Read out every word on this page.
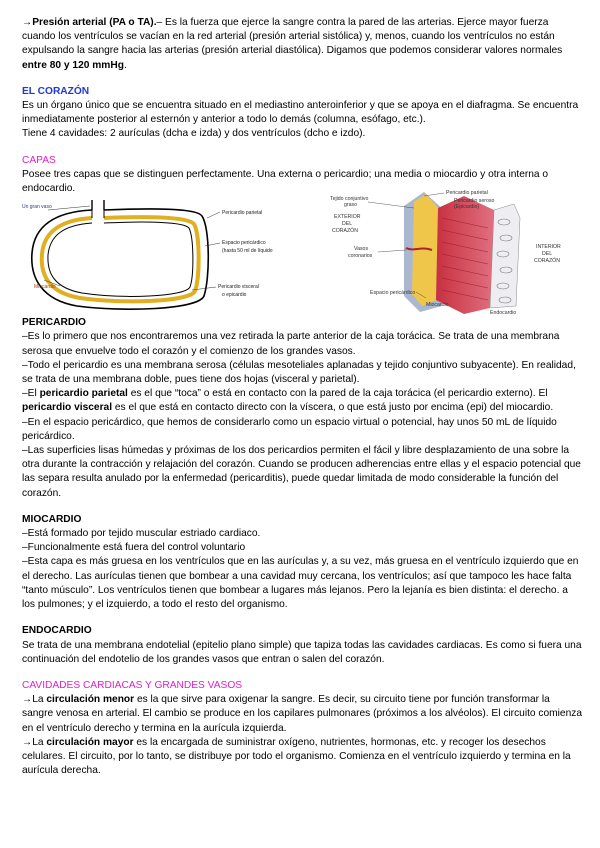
→Presión arterial (PA o TA).– Es la fuerza que ejerce la sangre contra la pared de las arterias. Ejerce mayor fuerza cuando los ventrículos se vacían en la red arterial (presión arterial sistólica) y, menos, cuando los ventrículos no están expulsando la sangre hacia las arterias (presión arterial diastólica). Digamos que podemos considerar valores normales entre 80 y 120 mmHg.

EL CORAZÓN

Es un órgano único que se encuentra situado en el mediastino anteroinferior y que se apoya en el diafragma. Se encuentra inmediatamente posterior al esternón y anterior a todo lo demás (columna, esófago, etc.).

Tiene 4 cavidades: 2 aurículas (dcha e izda) y dos ventrículos (dcho e izdo).

CAPAS

Posee tres capas que se distinguen perfectamente. Una externa o pericardio; una media o miocardio y otra interna o endocardio.

Un gran vaso
Pericardio parietal
Espacio pericárdico
(hasta 50 ml de líquido
Miocardio	Pericardio visceral
o epicardio
Tejido conjuntivo
graso
EXTERIOR
DEL
CORAZÓN
Vasos
coronarios
Pericardio parietal
Pericardio seroso
(Epicardio)
INTERIOR
DEL
CORAZÓN
Espacio pericárdico
Miocardio
Endocardio

PERICARDIO

–Es lo primero que nos encontraremos una vez retirada la parte anterior de la caja torácica. Se trata de una membrana serosa que envuelve todo el corazón y el comienzo de los grandes vasos.

–Todo el pericardio es una membrana serosa (células mesoteliales aplanadas y tejido conjuntivo subyacente). En realidad, se trata de una membrana doble, pues tiene dos hojas (visceral y parietal).

–El pericardio parietal es el que “toca” o está en contacto con la pared de la caja torácica (el pericardio externo). El pericardio visceral es el que está en contacto directo con la víscera, o que está justo por encima (epi) del miocardio.

–En el espacio pericárdico, que hemos de considerarlo como un espacio virtual o potencial, hay unos 50 mL de líquido pericárdico.

–Las superficies lisas húmedas y próximas de los dos pericardios permiten el fácil y libre desplazamiento de una sobre la otra durante la contracción y relajación del corazón. Cuando se producen adherencias entre ellas y el espacio potencial que las separa resulta anulado por la enfermedad (pericarditis), puede quedar limitada de modo considerable la función del corazón.

MIOCARDIO

–Está formado por tejido muscular estriado cardiaco.

–Funcionalmente está fuera del control voluntario

–Esta capa es más gruesa en los ventrículos que en las aurículas y, a su vez, más gruesa en el ventrículo izquierdo que en el derecho. Las aurículas tienen que bombear a una cavidad muy cercana, los ventrículos; así que tampoco les hace falta “tanto músculo”. Los ventrículos tienen que bombear a lugares más lejanos. Pero la lejanía es bien distinta: el derecho. a los pulmones; y el izquierdo, a todo el resto del organismo.

ENDOCARDIO

Se trata de una membrana endotelial (epitelio plano simple) que tapiza todas las cavidades cardiacas. Es como si fuera una continuación del endotelio de los grandes vasos que entran o salen del corazón.

CAVIDADES CARDIACAS Y GRANDES VASOS

→La circulación menor es la que sirve para oxigenar la sangre. Es decir, su circuito tiene por función transformar la sangre venosa en arterial. El cambio se produce en los capilares pulmonares (próximos a los alvéolos). El circuito comienza en el ventrículo derecho y termina en la aurícula izquierda.

→La circulación mayor es la encargada de suministrar oxígeno, nutrientes, hormonas, etc. y recoger los desechos celulares. El circuito, por lo tanto, se distribuye por todo el organismo. Comienza en el ventrículo izquierdo y termina en la aurícula derecha.
